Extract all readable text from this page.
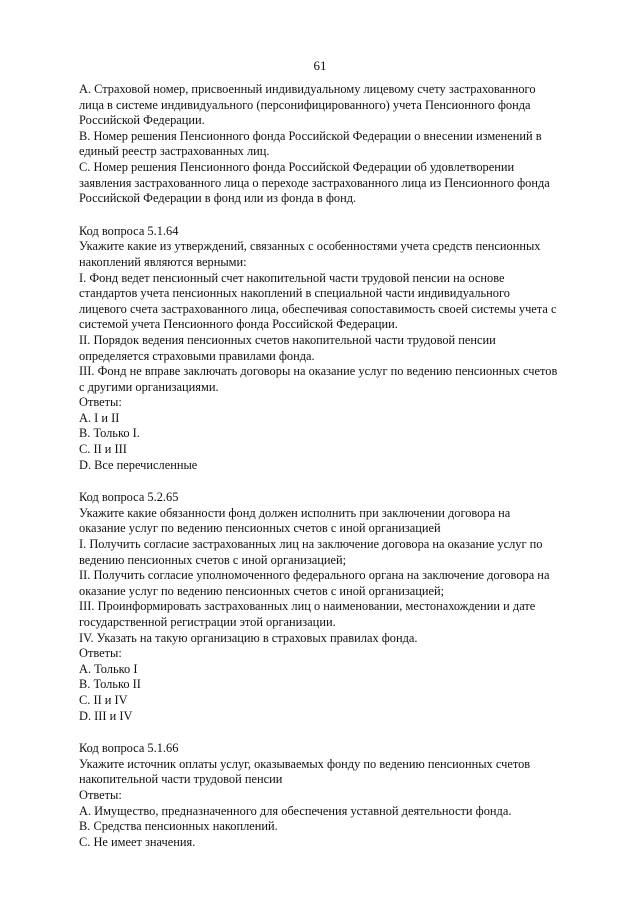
61
A. Страховой номер, присвоенный индивидуальному лицевому счету застрахованного
лица в системе индивидуального (персонифицированного) учета Пенсионного фонда
Российской Федерации.
B. Номер решения Пенсионного фонда Российской Федерации о внесении изменений в
единый реестр застрахованных лиц.
C. Номер решения Пенсионного фонда Российской Федерации об удовлетворении
заявления застрахованного лица о переходе застрахованного лица из Пенсионного фонда
Российской Федерации в фонд или из фонда в фонд.
Код вопроса 5.1.64
Укажите какие из утверждений, связанных с особенностями учета средств пенсионных
накоплений являются верными:
I. Фонд ведет пенсионный счет накопительной части трудовой пенсии на основе
стандартов учета пенсионных накоплений в специальной части индивидуального
лицевого счета застрахованного лица, обеспечивая сопоставимость своей системы учета с
системой учета Пенсионного фонда Российской Федерации.
II. Порядок ведения пенсионных счетов накопительной части трудовой пенсии
определяется страховыми правилами фонда.
III. Фонд не вправе заключать договоры на оказание услуг по ведению пенсионных счетов
с другими организациями.
Ответы:
A. I и II
B. Только I.
C. II и III
D. Все перечисленные
Код вопроса 5.2.65
Укажите какие обязанности фонд должен исполнить при заключении договора на
оказание услуг по ведению пенсионных счетов с иной организацией
I. Получить согласие застрахованных лиц на заключение договора на оказание услуг по
ведению пенсионных счетов с иной организацией;
II. Получить согласие уполномоченного федерального органа на заключение договора на
оказание услуг по ведению пенсионных счетов с иной организацией;
III. Проинформировать застрахованных лиц о наименовании, местонахождении и дате
государственной регистрации этой организации.
IV. Указать на такую организацию в страховых правилах фонда.
Ответы:
A. Только I
B. Только II
C. II и IV
D. III и IV
Код вопроса 5.1.66
Укажите источник оплаты услуг, оказываемых фонду по ведению пенсионных счетов
накопительной части трудовой пенсии
Ответы:
A. Имущество, предназначенного для обеспечения уставной деятельности фонда.
B. Средства пенсионных накоплений.
C. Не имеет значения.
